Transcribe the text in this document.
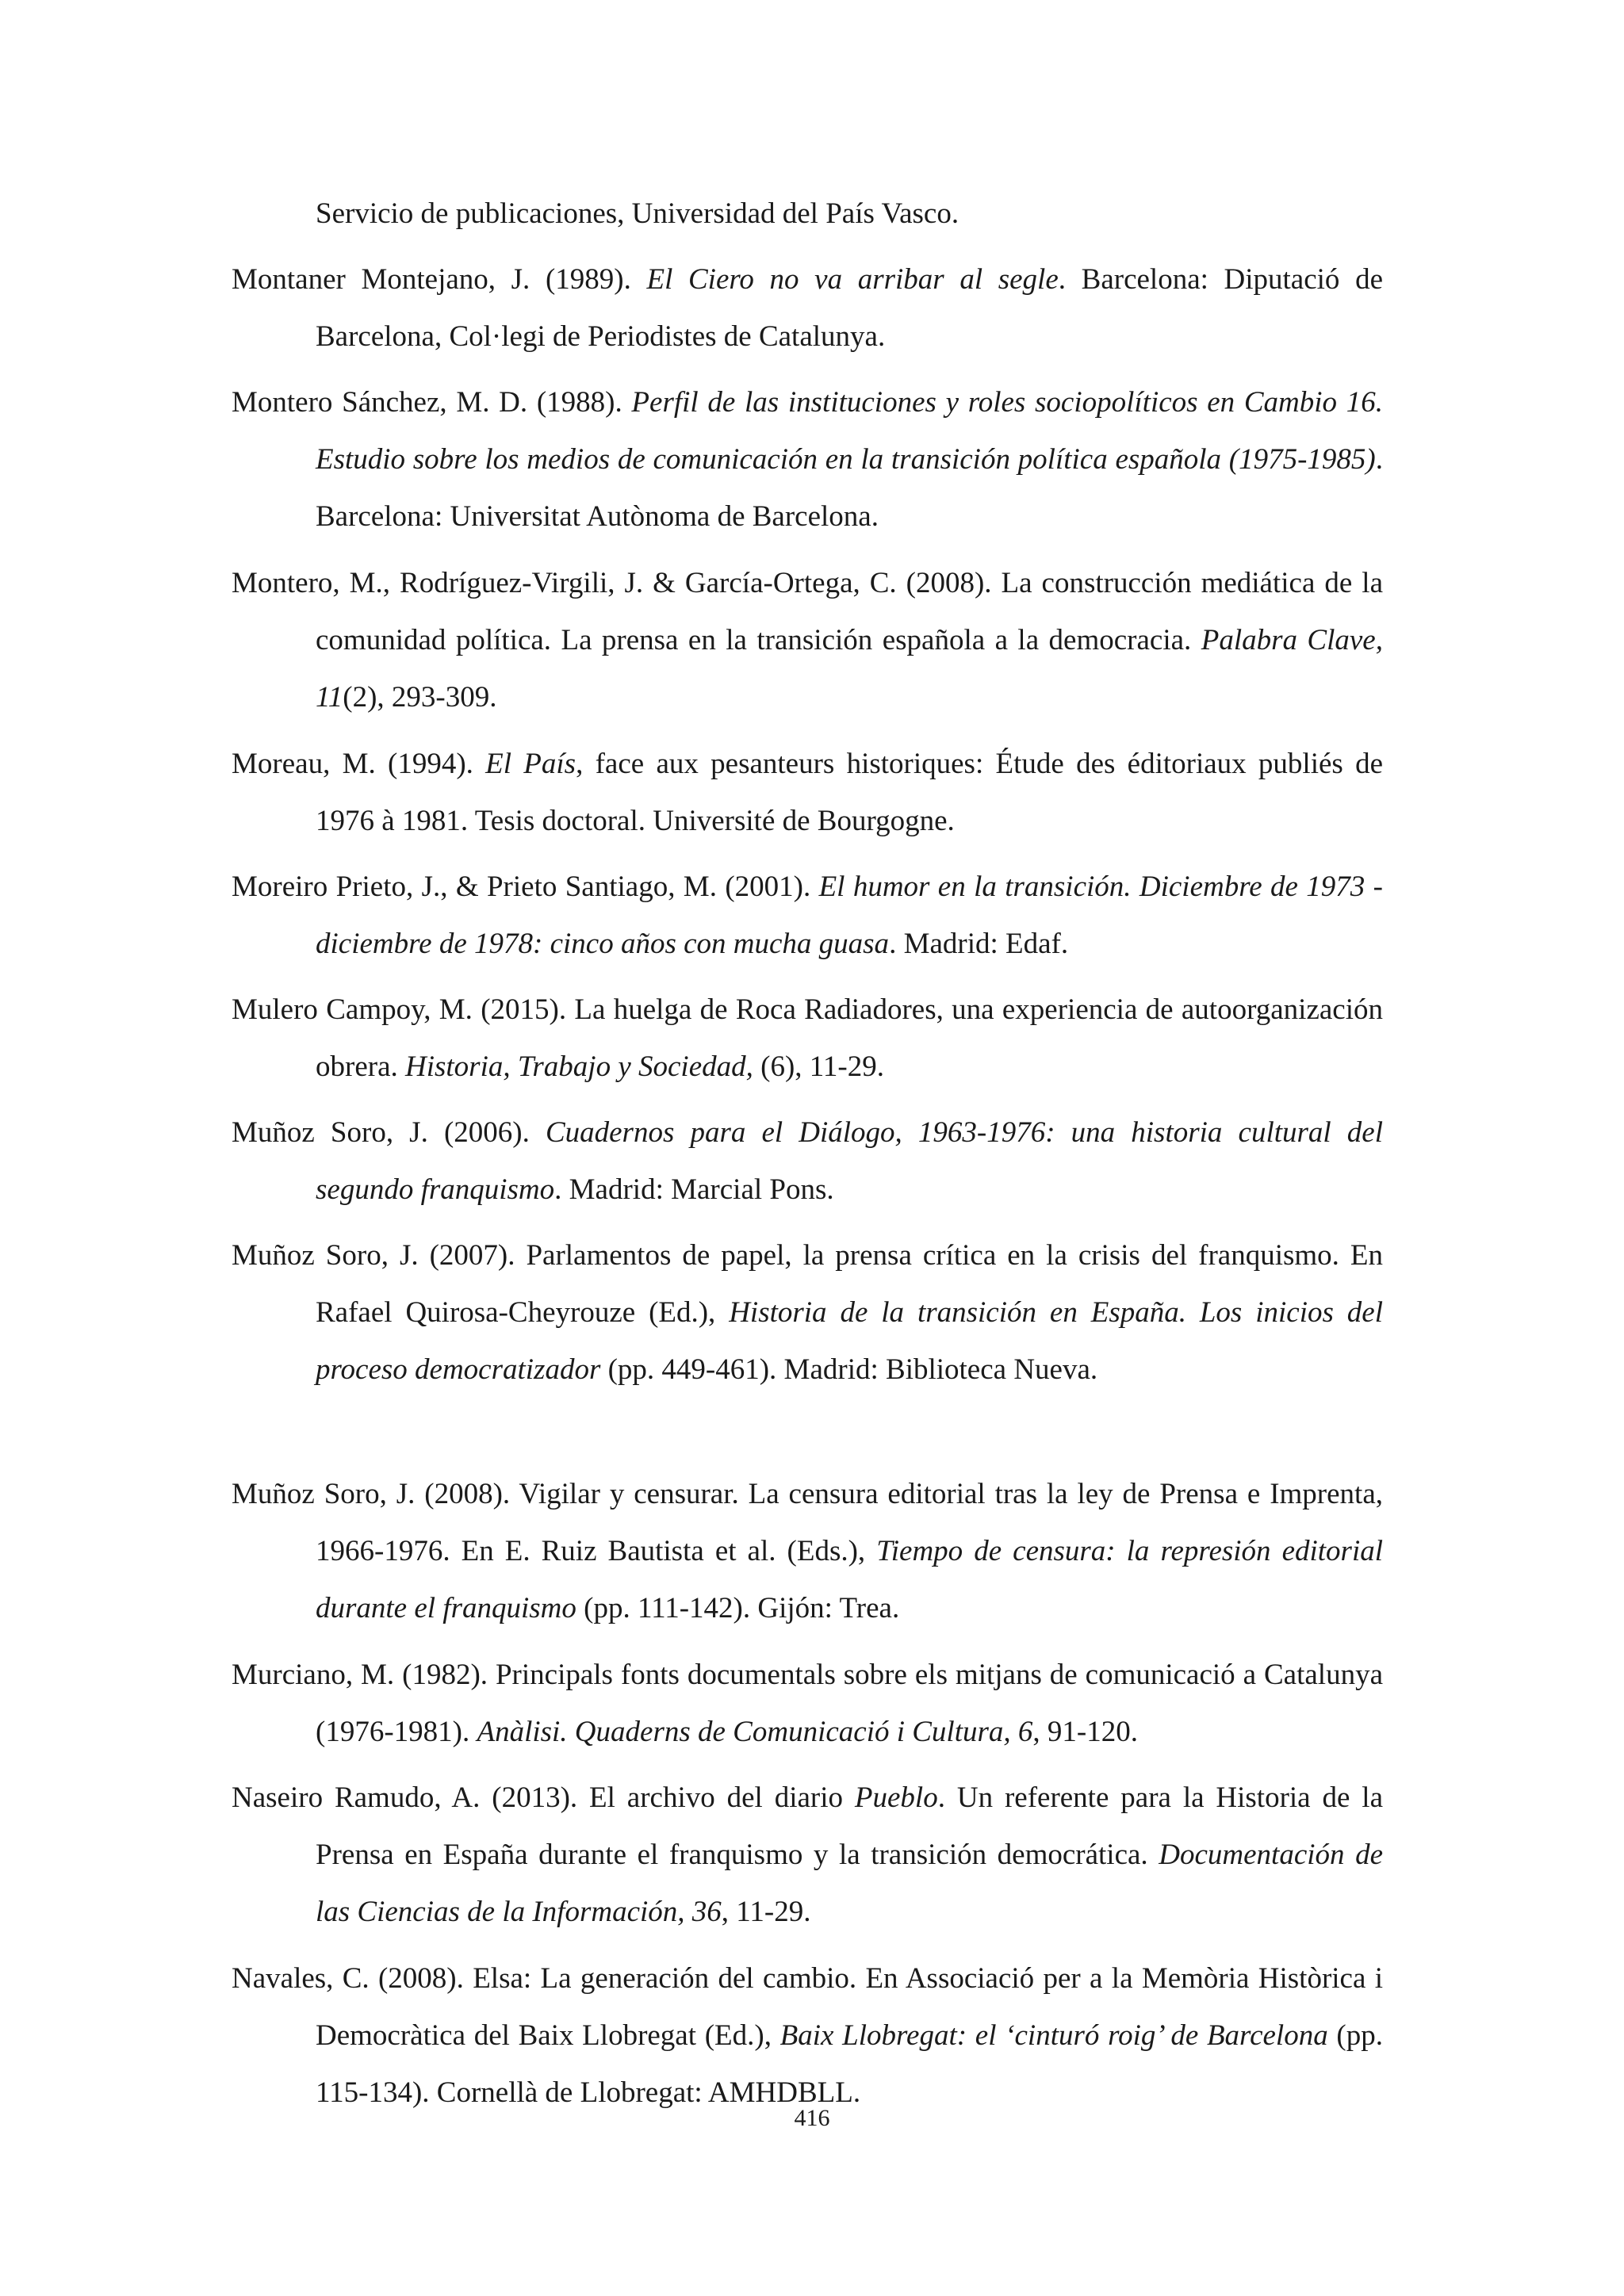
Servicio de publicaciones, Universidad del País Vasco.

Montaner Montejano, J. (1989). El Ciero no va arribar al segle. Barcelona: Diputació de Barcelona, Col·legi de Periodistes de Catalunya.

Montero Sánchez, M. D. (1988). Perfil de las instituciones y roles sociopolíticos en Cambio 16. Estudio sobre los medios de comunicación en la transición política española (1975-1985). Barcelona: Universitat Autònoma de Barcelona.

Montero, M., Rodríguez-Virgili, J. & García-Ortega, C. (2008). La construcción mediática de la comunidad política. La prensa en la transición española a la democracia. Palabra Clave, 11(2), 293-309.

Moreau, M. (1994). El País, face aux pesanteurs historiques: Étude des éditoriaux publiés de 1976 à 1981. Tesis doctoral. Université de Bourgogne.

Moreiro Prieto, J., & Prieto Santiago, M. (2001). El humor en la transición. Diciembre de 1973 - diciembre de 1978: cinco años con mucha guasa. Madrid: Edaf.

Mulero Campoy, M. (2015). La huelga de Roca Radiadores, una experiencia de autoorganización obrera. Historia, Trabajo y Sociedad, (6), 11-29.

Muñoz Soro, J. (2006). Cuadernos para el Diálogo, 1963-1976: una historia cultural del segundo franquismo. Madrid: Marcial Pons.

Muñoz Soro, J. (2007). Parlamentos de papel, la prensa crítica en la crisis del franquismo. En Rafael Quirosa-Cheyrouze (Ed.), Historia de la transición en España. Los inicios del proceso democratizador (pp. 449-461). Madrid: Biblioteca Nueva.

Muñoz Soro, J. (2008). Vigilar y censurar. La censura editorial tras la ley de Prensa e Imprenta, 1966-1976. En E. Ruiz Bautista et al. (Eds.), Tiempo de censura: la represión editorial durante el franquismo (pp. 111-142). Gijón: Trea.

Murciano, M. (1982). Principals fonts documentals sobre els mitjans de comunicació a Catalunya (1976-1981). Anàlisi. Quaderns de Comunicació i Cultura, 6, 91-120.

Naseiro Ramudo, A. (2013). El archivo del diario Pueblo. Un referente para la Historia de la Prensa en España durante el franquismo y la transición democrática. Documentación de las Ciencias de la Información, 36, 11-29.

Navales, C. (2008). Elsa: La generación del cambio. En Associació per a la Memòria Històrica i Democràtica del Baix Llobregat (Ed.), Baix Llobregat: el ‘cinturó roig’ de Barcelona (pp. 115-134). Cornellà de Llobregat: AMHDBLL.

416
